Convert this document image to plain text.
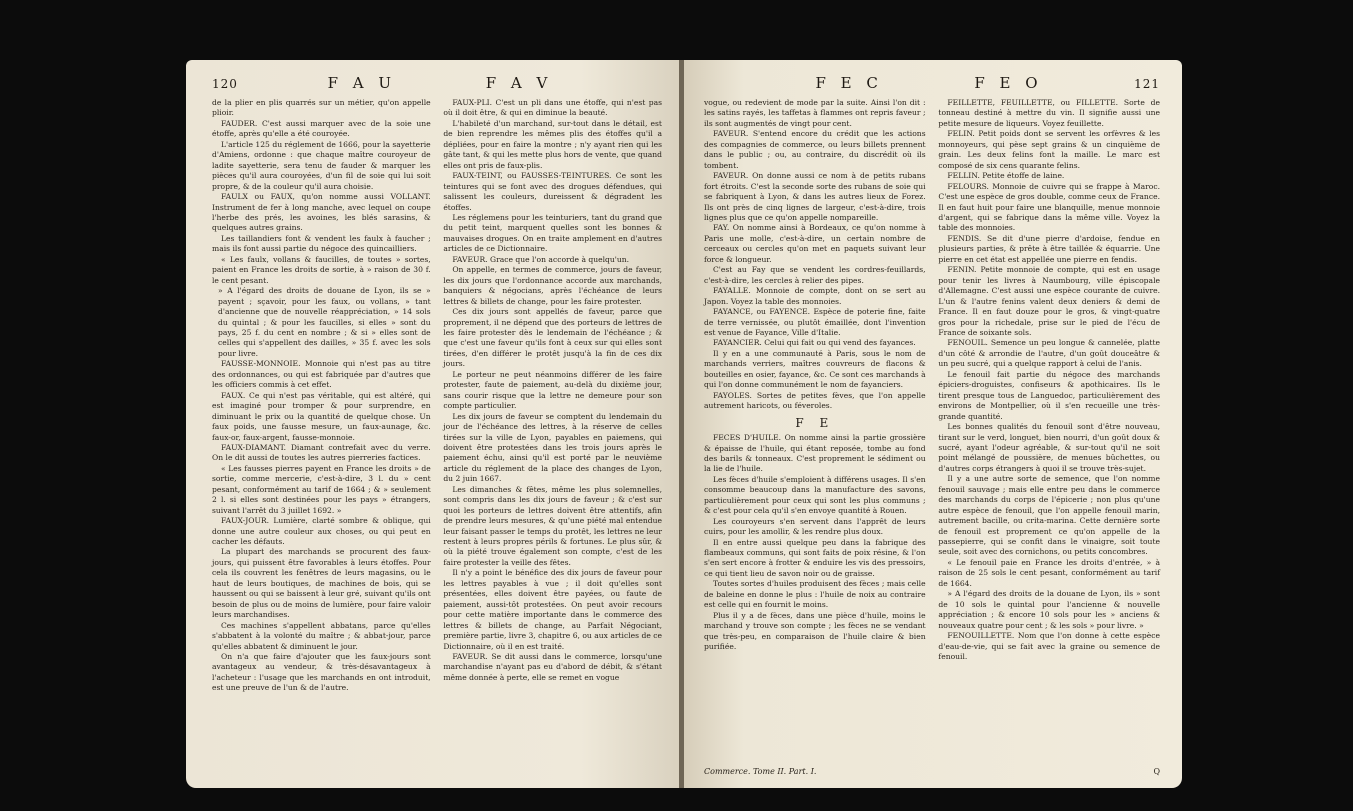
120	F A U	F A V

de la plier en plis quarrés sur un métier, qu'on appelle plioir.

FAUDER. C'est aussi marquer avec de la soie une étoffe, après qu'elle a été couroyée.

L'article 125 du réglement de 1666, pour la sayetterie d'Amiens, ordonne : que chaque maître couroyeur de ladite sayetterie, sera tenu de fauder & marquer les pièces qu'il aura couroyées, d'un fil de soie qui lui soit propre, & de la couleur qu'il aura choisie.

FAULX ou FAUX, qu'on nomme aussi VOLLANT. Instrument de fer à long manche, avec lequel on coupe l'herbe des prés, les avoines, les blés sarasins, & quelques autres grains.

Les taillandiers font & vendent les faulx à faucher ; mais ils font aussi partie du négoce des quincailliers.

« Les faulx, vollans & faucilles, de toutes » sortes, paient en France les droits de sortie, à » raison de 30 f. le cent pesant.

» A l'égard des droits de douane de Lyon, ils se » payent ; sçavoir, pour les faux, ou vollans, » tant d'ancienne que de nouvelle réappréciation, » 14 sols du quintal ; & pour les faucilles, si elles » sont du pays, 25 f. du cent en nombre ; & si » elles sont de celles qui s'appellent des dailles, » 35 f. avec les sols pour livre.

FAUSSE-MONNOIE. Monnoie qui n'est pas au titre des ordonnances, ou qui est fabriquée par d'autres que les officiers commis à cet effet.

FAUX. Ce qui n'est pas véritable, qui est altéré, qui est imaginé pour tromper & pour surprendre, en diminuant le prix ou la quantité de quelque chose. Un faux poids, une fausse mesure, un faux-aunage, &c. faux-or, faux-argent, fausse-monnoie.

FAUX-DIAMANT. Diamant contrefait avec du verre. On le dit aussi de toutes les autres pierreries factices.

« Les fausses pierres payent en France les droits » de sortie, comme mercerie, c'est-à-dire, 3 l. du » cent pesant, conformément au tarif de 1664 ; & » seulement 2 l. si elles sont destinées pour les pays » étrangers, suivant l'arrêt du 3 juillet 1692. »

FAUX-JOUR. Lumière, clarté sombre & oblique, qui donne une autre couleur aux choses, ou qui peut en cacher les défauts.

La plupart des marchands se procurent des faux-jours, qui puissent être favorables à leurs étoffes. Pour cela ils couvrent les fenêtres de leurs magasins, ou le haut de leurs boutiques, de machines de bois, qui se haussent ou qui se baissent à leur gré, suivant qu'ils ont besoin de plus ou de moins de lumière, pour faire valoir leurs marchandises.

Ces machines s'appellent abbatans, parce qu'elles s'abbatent à la volonté du maître ; & abbat-jour, parce qu'elles abbatent & diminuent le jour.

On n'a que faire d'ajouter que les faux-jours sont avantageux au vendeur, & très-désavantageux à l'acheteur : l'usage que les marchands en ont introduit, est une preuve de l'un & de l'autre.

FAUX-PLI. C'est un pli dans une étoffe, qui n'est pas où il doit être, & qui en diminue la beauté.

L'habileté d'un marchand, sur-tout dans le détail, est de bien reprendre les mêmes plis des étoffes qu'il a dépliées, pour en faire la montre ; n'y ayant rien qui les gâte tant, & qui les mette plus hors de vente, que quand elles ont pris de faux-plis.

FAUX-TEINT, ou FAUSSES-TEINTURES. Ce sont les teintures qui se font avec des drogues défendues, qui salissent les couleurs, dureissent & dégradent les étoffes.

Les réglemens pour les teinturiers, tant du grand que du petit teint, marquent quelles sont les bonnes & mauvaises drogues. On en traite amplement en d'autres articles de ce Dictionnaire.

FAVEUR. Grace que l'on accorde à quelqu'un.

On appelle, en termes de commerce, jours de faveur, les dix jours que l'ordonnance accorde aux marchands, banquiers & négocians, après l'échéance de leurs lettres & billets de change, pour les faire protester.

Ces dix jours sont appellés de faveur, parce que proprement, il ne dépend que des porteurs de lettres de les faire protester dès le lendemain de l'échéance ; & que c'est une faveur qu'ils font à ceux sur qui elles sont tirées, d'en différer le protêt jusqu'à la fin de ces dix jours.

Le porteur ne peut néanmoins différer de les faire protester, faute de paiement, au-delà du dixième jour, sans courir risque que la lettre ne demeure pour son compte particulier.

Les dix jours de faveur se comptent du lendemain du jour de l'échéance des lettres, à la réserve de celles tirées sur la ville de Lyon, payables en paiemens, qui doivent être protestées dans les trois jours après le paiement échu, ainsi qu'il est porté par le neuvième article du réglement de la place des changes de Lyon, du 2 juin 1667.

Les dimanches & fêtes, même les plus solemnelles, sont compris dans les dix jours de faveur ; & c'est sur quoi les porteurs de lettres doivent être attentifs, afin de prendre leurs mesures, & qu'une piété mal entendue leur faisant passer le temps du protêt, les lettres ne leur restent à leurs propres périls & fortunes. Le plus sûr, & où la piété trouve également son compte, c'est de les faire protester la veille des fêtes.

Il n'y a point le bénéfice des dix jours de faveur pour les lettres payables à vue ; il doit qu'elles sont présentées, elles doivent être payées, ou faute de paiement, aussi-tôt protestées. On peut avoir recours pour cette matière importante dans le commerce des lettres & billets de change, au Parfait Négociant, première partie, livre 3, chapitre 6, ou aux articles de ce Dictionnaire, où il en est traité.

FAVEUR. Se dit aussi dans le commerce, lorsqu'une marchandise n'ayant pas eu d'abord de débit, & s'étant même donnée à perte, elle se remet en vogue

F E C	F E O	121

vogue, ou redevient de mode par la suite. Ainsi l'on dit : les satins rayés, les taffetas à flammes ont repris faveur ; ils sont augmentés de vingt pour cent.

FAVEUR. S'entend encore du crédit que les actions des compagnies de commerce, ou leurs billets prennent dans le public ; ou, au contraire, du discrédit où ils tombent.

FAVEUR. On donne aussi ce nom à de petits rubans fort étroits. C'est la seconde sorte des rubans de soie qui se fabriquent à Lyon, & dans les autres lieux de Forez. Ils ont près de cinq lignes de largeur, c'est-à-dire, trois lignes plus que ce qu'on appelle nompareille.

FAY. On nomme ainsi à Bordeaux, ce qu'on nomme à Paris une molle, c'est-à-dire, un certain nombre de cerceaux ou cercles qu'on met en paquets suivant leur force & longueur.

C'est au Fay que se vendent les cordres-feuillards, c'est-à-dire, les cercles à relier des pipes.

FAYALLE. Monnoie de compte, dont on se sert au Japon. Voyez la table des monnoies.

FAYANCE, ou FAYENCE. Espèce de poterie fine, faite de terre vernissée, ou plutôt émaillée, dont l'invention est venue de Fayance, Ville d'Italie.

FAYANCIER. Celui qui fait ou qui vend des fayances.

Il y en a une communauté à Paris, sous le nom de marchands verriers, maîtres couvreurs de flacons & bouteilles en osier, fayance, &c. Ce sont ces marchands à qui l'on donne communément le nom de fayanciers.

FAYOLES. Sortes de petites fèves, que l'on appelle autrement haricots, ou féveroles.

F E

FECES D'HUILE. On nomme ainsi la partie grossière & épaisse de l'huile, qui étant reposée, tombe au fond des barils & tonneaux. C'est proprement le sédiment ou la lie de l'huile.

Les fèces d'huile s'emploient à différens usages. Il s'en consomme beaucoup dans la manufacture des savons, particulièrement pour ceux qui sont les plus communs ; & c'est pour cela qu'il s'en envoye quantité à Rouen.

Les couroyeurs s'en servent dans l'apprêt de leurs cuirs, pour les amollir, & les rendre plus doux.

Il en entre aussi quelque peu dans la fabrique des flambeaux communs, qui sont faits de poix résine, & l'on s'en sert encore à frotter & enduire les vis des pressoirs, ce qui tient lieu de savon noir ou de graisse.

Toutes sortes d'huiles produisent des fèces ; mais celle de baleine en donne le plus : l'huile de noix au contraire est celle qui en fournit le moins.

Plus il y a de fèces, dans une pièce d'huile, moins le marchand y trouve son compte ; les fèces ne se vendant que très-peu, en comparaison de l'huile claire & bien purifiée.

FEILLETTE, FEUILLETTE, ou FILLETTE. Sorte de tonneau destiné à mettre du vin. Il signifie aussi une petite mesure de liqueurs. Voyez feuillette.

FELIN. Petit poids dont se servent les orfèvres & les monnoyeurs, qui pèse sept grains & un cinquième de grain. Les deux felins font la maille. Le marc est composé de six cens quarante felins.

FELLIN. Petite étoffe de laine.

FELOURS. Monnoie de cuivre qui se frappe à Maroc. C'est une espèce de gros double, comme ceux de France. Il en faut huit pour faire une blanquille, menue monnoie d'argent, qui se fabrique dans la même ville. Voyez la table des monnoies.

FENDIS. Se dit d'une pierre d'ardoise, fendue en plusieurs parties, & prête à être taillée & équarrie. Une pierre en cet état est appellée une pierre en fendis.

FENIN. Petite monnoie de compte, qui est en usage pour tenir les livres à Naumbourg, ville épiscopale d'Allemagne. C'est aussi une espèce courante de cuivre. L'un & l'autre fenins valent deux deniers & demi de France. Il en faut douze pour le gros, & vingt-quatre gros pour la richedale, prise sur le pied de l'écu de France de soixante sols.

FENOUIL. Semence un peu longue & cannelée, platte d'un côté & arrondie de l'autre, d'un goût douceâtre & un peu sucré, qui a quelque rapport à celui de l'anis.

Le fenouil fait partie du négoce des marchands épiciers-droguistes, confiseurs & apothicaires. Ils le tirent presque tous de Languedoc, particulièrement des environs de Montpellier, où il s'en recueille une très-grande quantité.

Les bonnes qualités du fenouil sont d'être nouveau, tirant sur le verd, longuet, bien nourri, d'un goût doux & sucré, ayant l'odeur agréable, & sur-tout qu'il ne soit point mélangé de poussière, de menues bûchettes, ou d'autres corps étrangers à quoi il se trouve très-sujet.

Il y a une autre sorte de semence, que l'on nomme fenouil sauvage ; mais elle entre peu dans le commerce des marchands du corps de l'épicerie ; non plus qu'une autre espèce de fenouil, que l'on appelle fenouil marin, autrement bacille, ou crita-marina. Cette dernière sorte de fenouil est proprement ce qu'on appelle de la passepierre, qui se confit dans le vinaigre, soit toute seule, soit avec des cornichons, ou petits concombres.

« Le fenouil paie en France les droits d'entrée, » à raison de 25 sols le cent pesant, conformément au tarif de 1664.

» A l'égard des droits de la douane de Lyon, ils » sont de 10 sols le quintal pour l'ancienne & nouvelle appréciation ; & encore 10 sols pour les » anciens & nouveaux quatre pour cent ; & les sols » pour livre. »

FENOUILLETTE. Nom que l'on donne à cette espèce d'eau-de-vie, qui se fait avec la graine ou semence de fenouil.

Commerce. Tome II. Part. I.	Q
